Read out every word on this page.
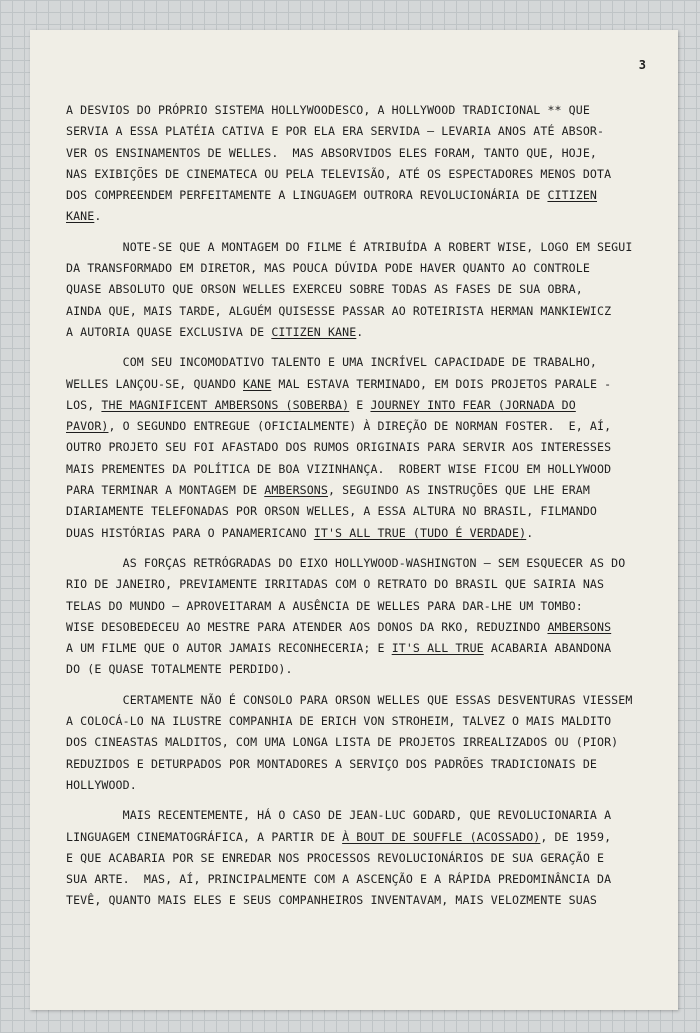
3
A DESVIOS DO PRÓPRIO SISTEMA HOLLYWOODESCO, A HOLLYWOOD TRADICIONAL ** QUE
SERVIA A ESSA PLATÉIA CATIVA E POR ELA ERA SERVIDA — LEVARIA ANOS ATÉ ABSOR-
VER OS ENSINAMENTOS DE WELLES.  MAS ABSORVIDOS ELES FORAM, TANTO QUE, HOJE,
NAS EXIBIÇÕES DE CINEMATECA OU PELA TELEVISÃO, ATÉ OS ESPECTADORES MENOS DOTA
DOS COMPREENDEM PERFEITAMENTE A LINGUAGEM OUTRORA REVOLUCIONÁRIA DE CITIZEN
KANE.
NOTE-SE QUE A MONTAGEM DO FILME É ATRIBUÍDA A ROBERT WISE, LOGO EM SEGUI
DA TRANSFORMADO EM DIRETOR, MAS POUCA DÚVIDA PODE HAVER QUANTO AO CONTROLE
QUASE ABSOLUTO QUE ORSON WELLES EXERCEU SOBRE TODAS AS FASES DE SUA OBRA,
AINDA QUE, MAIS TARDE, ALGUÉM QUISESSE PASSAR AO ROTEIRISTA HERMAN MANKIEWICZ
A AUTORIA QUASE EXCLUSIVA DE CITIZEN KANE.
COM SEU INCOMODATIVO TALENTO E UMA INCRÍVEL CAPACIDADE DE TRABALHO,
WELLES LANÇOU-SE, QUANDO KANE MAL ESTAVA TERMINADO, EM DOIS PROJETOS PARALE -
LOS, THE MAGNIFICENT AMBERSONS (SOBERBA) E JOURNEY INTO FEAR (JORNADA DO
PAVOR), O SEGUNDO ENTREGUE (OFICIALMENTE) À DIREÇÃO DE NORMAN FOSTER.  E, AÍ,
OUTRO PROJETO SEU FOI AFASTADO DOS RUMOS ORIGINAIS PARA SERVIR AOS INTERESSES
MAIS PREMENTES DA POLÍTICA DE BOA VIZINHANÇA.  ROBERT WISE FICOU EM HOLLYWOOD
PARA TERMINAR A MONTAGEM DE AMBERSONS, SEGUINDO AS INSTRUÇÕES QUE LHE ERAM
DIARIAMENTE TELEFONADAS POR ORSON WELLES, A ESSA ALTURA NO BRASIL, FILMANDO
DUAS HISTÓRIAS PARA O PANAMERICANO IT'S ALL TRUE (TUDO É VERDADE).
AS FORÇAS RETRÓGRADAS DO EIXO HOLLYWOOD-WASHINGTON — SEM ESQUECER AS DO
RIO DE JANEIRO, PREVIAMENTE IRRITADAS COM O RETRATO DO BRASIL QUE SAIRIA NAS
TELAS DO MUNDO — APROVEITARAM A AUSÊNCIA DE WELLES PARA DAR-LHE UM TOMBO:
WISE DESOBEDECEU AO MESTRE PARA ATENDER AOS DONOS DA RKO, REDUZINDO AMBERSONS
A UM FILME QUE O AUTOR JAMAIS RECONHECERIA; E IT'S ALL TRUE ACABARIA ABANDONA
DO (E QUASE TOTALMENTE PERDIDO).
CERTAMENTE NÃO É CONSOLO PARA ORSON WELLES QUE ESSAS DESVENTURAS VIESSEM
A COLOCÁ-LO NA ILUSTRE COMPANHIA DE ERICH VON STROHEIM, TALVEZ O MAIS MALDITO
DOS CINEASTAS MALDITOS, COM UMA LONGA LISTA DE PROJETOS IRREALIZADOS OU (PIOR)
REDUZIDOS E DETURPADOS POR MONTADORES A SERVIÇO DOS PADRÕES TRADICIONAIS DE
HOLLYWOOD.
MAIS RECENTEMENTE, HÁ O CASO DE JEAN-LUC GODARD, QUE REVOLUCIONARIA A
LINGUAGEM CINEMATOGRÁFICA, A PARTIR DE À BOUT DE SOUFFLE (ACOSSADO), DE 1959,
E QUE ACABARIA POR SE ENREDAR NOS PROCESSOS REVOLUCIONÁRIOS DE SUA GERAÇÃO E
SUA ARTE.  MAS, AÍ, PRINCIPALMENTE COM A ASCENÇÃO E A RÁPIDA PREDOMINÂNCIA DA
TEVÊ, QUANTO MAIS ELES E SEUS COMPANHEIROS INVENTAVAM, MAIS VELOZMENTE SUAS
